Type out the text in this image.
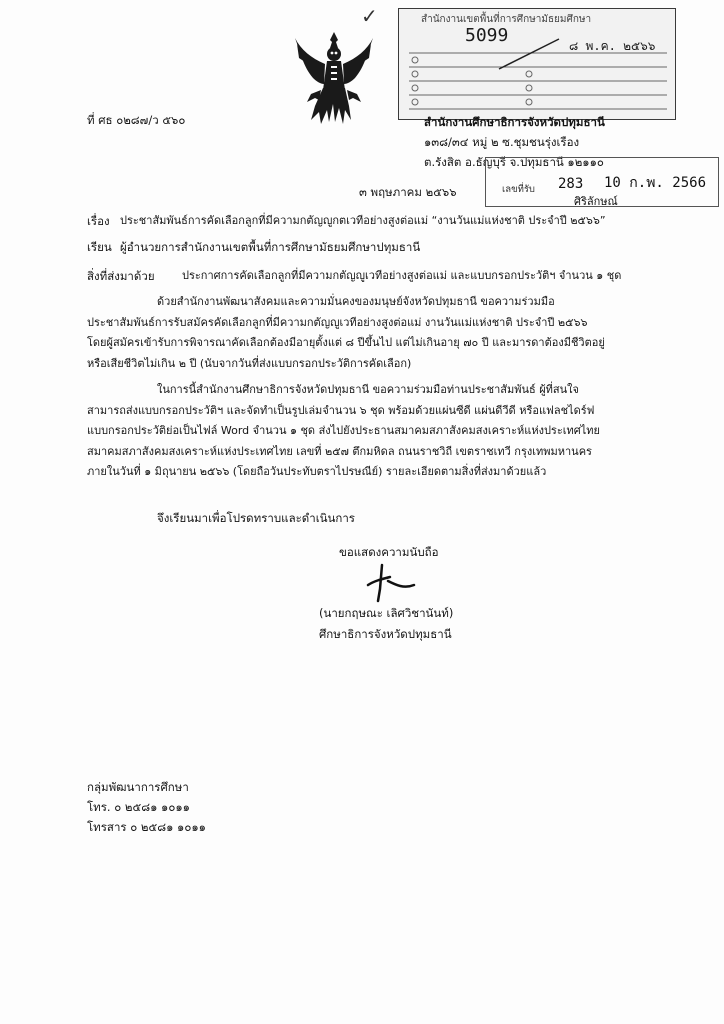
✓	สำนักงานเขตพื้นที่การศึกษามัธยมศึกษา
5099	๘ พ.ค. ๒๕๖๖
ที่ ศธ ๐๒๘๗/ว ๕๖๐	สำนักงานศึกษาธิการจังหวัดปทุมธานี
๑๓๘/๓๔ หมู่ ๒ ซ.ชุมชนรุ่งเรือง
ต.รังสิต อ.ธัญบุรี จ.ปทุมธานี ๑๒๑๑๐
เลขที่รับ 283 10 ก.พ. 2566
ศิริลักษณ์
๓ พฤษภาคม ๒๕๖๖
เรื่อง ประชาสัมพันธ์การคัดเลือกลูกที่มีความกตัญญูกตเวทีอย่างสูงต่อแม่ “งานวันแม่แห่งชาติ ประจำปี ๒๕๖๖”
เรียน ผู้อำนวยการสำนักงานเขตพื้นที่การศึกษามัธยมศึกษาปทุมธานี
สิ่งที่ส่งมาด้วย ประกาศการคัดเลือกลูกที่มีความกตัญญูเวทีอย่างสูงต่อแม่ และแบบกรอกประวัติฯ จำนวน ๑ ชุด
ด้วยสำนักงานพัฒนาสังคมและความมั่นคงของมนุษย์จังหวัดปทุมธานี ขอความร่วมมือ
ประชาสัมพันธ์การรับสมัครคัดเลือกลูกที่มีความกตัญญูเวทีอย่างสูงต่อแม่ งานวันแม่แห่งชาติ ประจำปี ๒๕๖๖
โดยผู้สมัครเข้ารับการพิจารณาคัดเลือกต้องมีอายุตั้งแต่ ๘ ปีขึ้นไป แต่ไม่เกินอายุ ๗๐ ปี และมารดาต้องมีชีวิตอยู่
หรือเสียชีวิตไม่เกิน ๒ ปี (นับจากวันที่ส่งแบบกรอกประวัติการคัดเลือก)
ในการนี้สำนักงานศึกษาธิการจังหวัดปทุมธานี ขอความร่วมมือท่านประชาสัมพันธ์ ผู้ที่สนใจ
สามารถส่งแบบกรอกประวัติฯ และจัดทำเป็นรูปเล่มจำนวน ๖ ชุด พร้อมด้วยแผ่นซีดี แผ่นดีวีดี หรือแฟลชไดร์ฟ
แบบกรอกประวัติย่อเป็นไฟล์ Word จำนวน ๑ ชุด ส่งไปยังประธานสมาคมสภาสังคมสงเคราะห์แห่งประเทศไทย
สมาคมสภาสังคมสงเคราะห์แห่งประเทศไทย เลขที่ ๒๕๗ ตึกมหิดล ถนนราชวิถี เขตราชเทวี กรุงเทพมหานคร
ภายในวันที่ ๑ มิถุนายน ๒๕๖๖ (โดยถือวันประทับตราไปรษณีย์) รายละเอียดตามสิ่งที่ส่งมาด้วยแล้ว
จึงเรียนมาเพื่อโปรดทราบและดำเนินการ
ขอแสดงความนับถือ
(นายกฤษณะ เลิศวิชานันท์)
ศึกษาธิการจังหวัดปทุมธานี
กลุ่มพัฒนาการศึกษา
โทร. ๐ ๒๕๘๑ ๑๐๑๑
โทรสาร ๐ ๒๕๘๑ ๑๐๑๑
